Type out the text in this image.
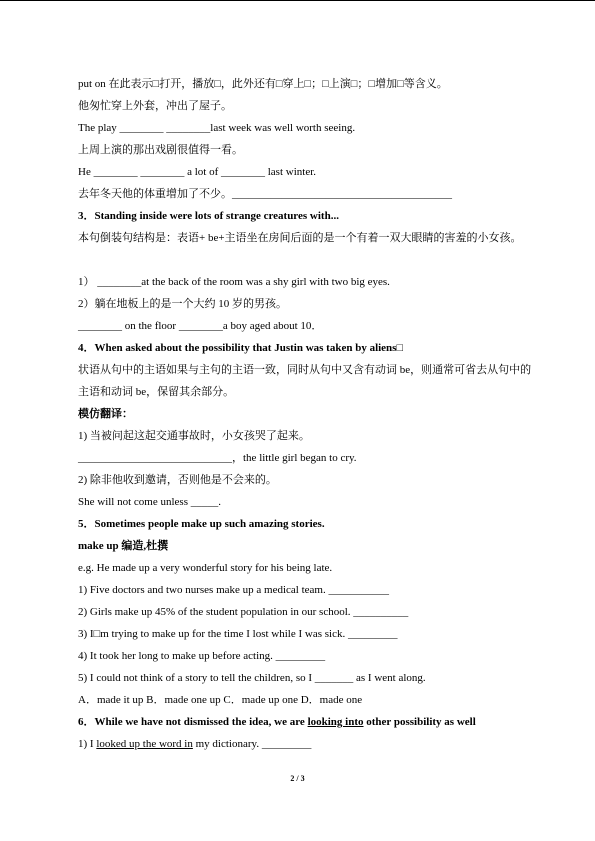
put on 在此表示□打开，播放□，此外还有□穿上□；□上演□；□增加□等含义。
他匆忙穿上外套，冲出了屋子。
The play ________ ________last week was well worth seeing.
上周上演的那出戏剧很值得一看。
He ________ ________ a lot of ________ last winter.
去年冬天他的体重增加了不少。________________________________________
3．Standing inside were lots of strange creatures with...
本句倒装句结构是：表语+ be+主语坐在房间后面的是一个有着一双大眼睛的害羞的小女孩。
1） ________at the back of the room was a shy girl with two big eyes.
2）躺在地板上的是一个大约 10 岁的男孩。
________ on the floor ________a boy aged about 10．
4．When asked about the possibility that Justin was taken by aliens□
状语从句中的主语如果与主句的主语一致，同时从句中又含有动词 be，则通常可省去从句中的主语和动词 be，保留其余部分。
模仿翻译：
1) 当被问起这起交通事故时，小女孩哭了起来。
____________________________，the little girl began to cry.
2) 除非他收到邀请，否则他是不会来的。
She will not come unless _____.
5．Sometimes people make up such amazing stories.
make up 编造,杜撰
e.g. He made up a very wonderful story for his being late.
1) Five doctors and two nurses make up a medical team. ___________
2) Girls make up 45% of the student population in our school. __________
3) I□m trying to make up for the time I lost while I was sick. _________
4) It took her long to make up before acting. _________
5) I could not think of a story to tell the children, so I _______ as I went along.
A．made it up B．made one up C．made up one D．made one
6．While we have not dismissed the idea, we are looking into other possibility as well
1) I looked up the word in my dictionary. _________
2 / 3
